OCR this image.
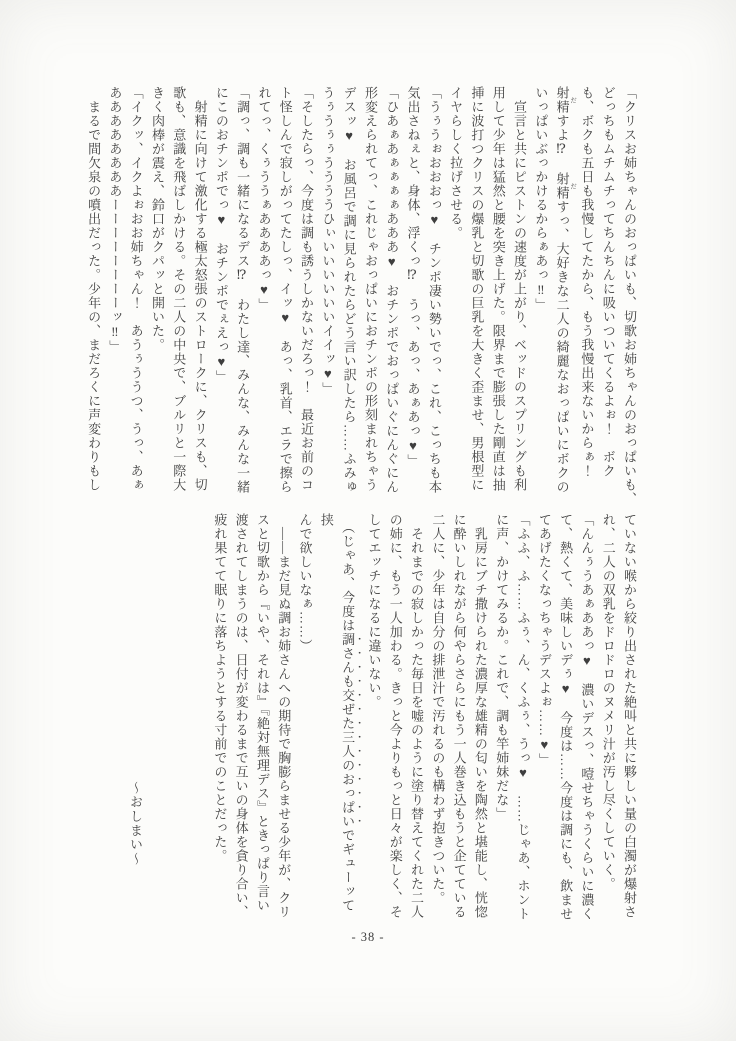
「クリスお姉ちゃんのおっぱいも、切歌お姉ちゃんのおっぱいも、

どっちもムチムチってちんちんに吸いついてくるよぉ！　ボク

も、ボクも五日も我慢してたから、もう我慢出来ないからぁ！

射精 だすよ⁉　射精 だすっ、大好きな二人の綺麗なおっぱいにボクの

いっぱいぶっかけるからぁあっ‼」

　宣言と共にピストンの速度が上がり、ベッドのスプリングも利

用して少年は猛然と腰を突き上げた。限界まで膨張した剛直は抽

挿に波打つクリスの爆乳と切歌の巨乳を大きく歪ませ、男根型に

イヤらしく拉げさせる。

「うぅうぉおおおっ♥　チンポ凄い勢いでっ、これ、こっちも本

気出さねぇと、身体、浮くっ⁉　うっ、あっ、あぁあっ♥」

「ひあぁあぁぁぁぁあああ♥　おチンポでおっぱいぐにんぐにん

形変えられてっ、これじゃおっぱいにおチンポの形刻まれちゃう

デスッ♥　お風呂で調に見られたらどう言い訳したら……ふみゅ

うぅうぅぅううううひぃいいいいいいイイッ♥」

「そしたらっ、今度は調も誘うしかないだろっ！　最近お前のコ

ト怪しんで寂しがってたしっ、イッ♥　あっ、乳首、エラで擦ら

れてっ、くぅううぁああああっ♥」

「調っ、調も一緒になるデス⁉　わたし達、みんな、みんな一緒

にこのおチンポでっ♥　おチンポでぇえっ♥」

　射精に向けて激化する極太怒張のストロークに、クリスも、切

歌も、意識を飛ばしかける。その二人の中央で、ブルリと一際大

きく肉棒が震え、鈴口がクパッと開いた。

「イクッ、イクよぉおお姉ちゃん！　あうぅううつ、うっ、あぁ

ああああああああーーーーーーーーッ‼」

　まるで間欠泉の噴出だった。少年の、まだろくに声変わりもし

ていない喉から絞り出された絶叫と共に夥しい量の白濁が爆射さ

れ、二人の双乳をドロドロのヌメリ汁が汚し尽くしていく。

「んんぅうあぁああっ♥　濃いデスっ、噎せちゃうくらいに濃く

て、熱くて、美味しいデぅ♥　今度は……今度は調にも、飲ませ

てあげたくなっちゃうデスよぉ……♥」

「ふふ、ふ……ふぅ、ん、くふぅ、うっ♥　……じゃあ、ホント

に声、かけてみるか。これで、調も竿姉妹だな」

　乳房にブチ撒けられた濃厚な雄精の匂いを陶然と堪能し、恍惚

に酔いしれながら何やらさらにもう一人巻き込もうと企てている

二人に、少年は自分の排泄汁で汚れるのも構わず抱きついた。

　それまでの寂しかった毎日を嘘のように塗り替えてくれた二人

の姉に、もう一人加わる。きっと今よりもっと日々が楽しく、そ

してエッチになるに違いない。

　（じゃあ、今度は調さんも交ぜた三人のおっぱいでギューッて挟

んで欲しいなぁ……）

　――まだ見ぬ調お姉さんへの期待で胸膨らませる少年が、クリ

スと切歌から『いや、それは』『絶対無理デス』ときっぱり言い

渡されてしまうのは、日付が変わるまで互いの身体を貪り合い、

疲れ果てて眠りに落ちようとする寸前でのことだった。

～おしまい～

- 38 -
